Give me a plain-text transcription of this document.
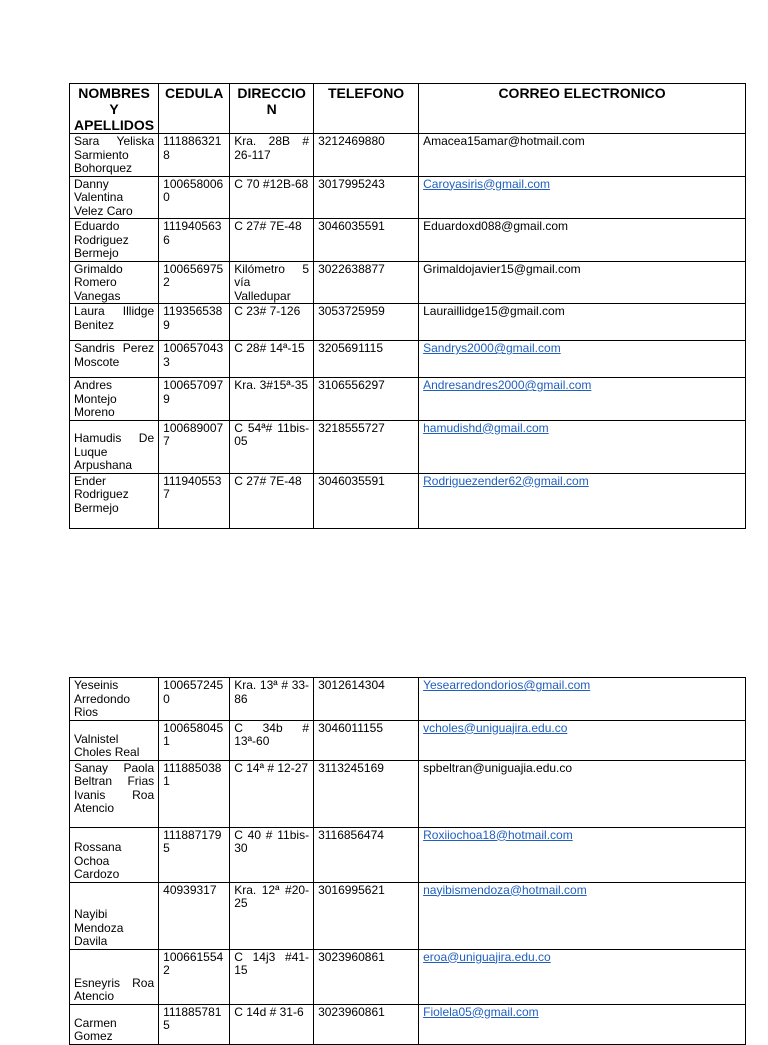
NOMBRES Y APELLIDOS	CEDULA	DIRECCION	TELEFONO	CORREO ELECTRONICO
Sara Yeliska Sarmiento Bohorquez	1118863218	Kra. 28B # 26-117	3212469880	Amacea15amar@hotmail.com
Danny Valentina Velez Caro	1006580060	C 70 #12B-68	3017995243	Caroyasiris@gmail.com
Eduardo Rodriguez Bermejo	1119405636	C 27# 7E-48	3046035591	Eduardoxd088@gmail.com
Grimaldo Romero Vanegas	1006569752	Kilómetro 5 vía Valledupar	3022638877	Grimaldojavier15@gmail.com
Laura Illidge Benitez	1193565389	C 23# 7-126	3053725959	Lauraillidge15@gmail.com
Sandris Perez Moscote	1006570433	C 28# 14ª-15	3205691115	Sandrys2000@gmail.com
Andres Montejo Moreno	1006570979	Kra. 3#15ª-35	3106556297	Andresandres2000@gmail.com
Hamudis De Luque Arpushana	1006890077	C 54ª# 11bis-05	3218555727	hamudishd@gmail.com
Ender Rodriguez Bermejo	1119405537	C 27# 7E-48	3046035591	Rodriguezender62@gmail.com
Yeseinis Arredondo Rios	1006572450	Kra. 13ª # 33-86	3012614304	Yesearredondorios@gmail.com
Valnistel Choles Real	1006580451	C 34b # 13ª-60	3046011155	vcholes@uniguajira.edu.co
Sanay Paola Beltran Frias Ivanis Roa Atencio	1118850381	C 14ª # 12-27	3113245169	spbeltran@uniguajia.edu.co
Rossana Ochoa Cardozo	1118871795	C 40 # 11bis-30	3116856474	Roxiiochoa18@hotmail.com
Nayibi Mendoza Davila	40939317	Kra. 12ª #20-25	3016995621	nayibismendoza@hotmail.com
Esneyris Roa Atencio	1006615542	C 14j3 #41-15	3023960861	eroa@uniguajira.edu.co
Carmen Gomez	1118857815	C 14d # 31-6	3023960861	Fiolela05@gmail.com
